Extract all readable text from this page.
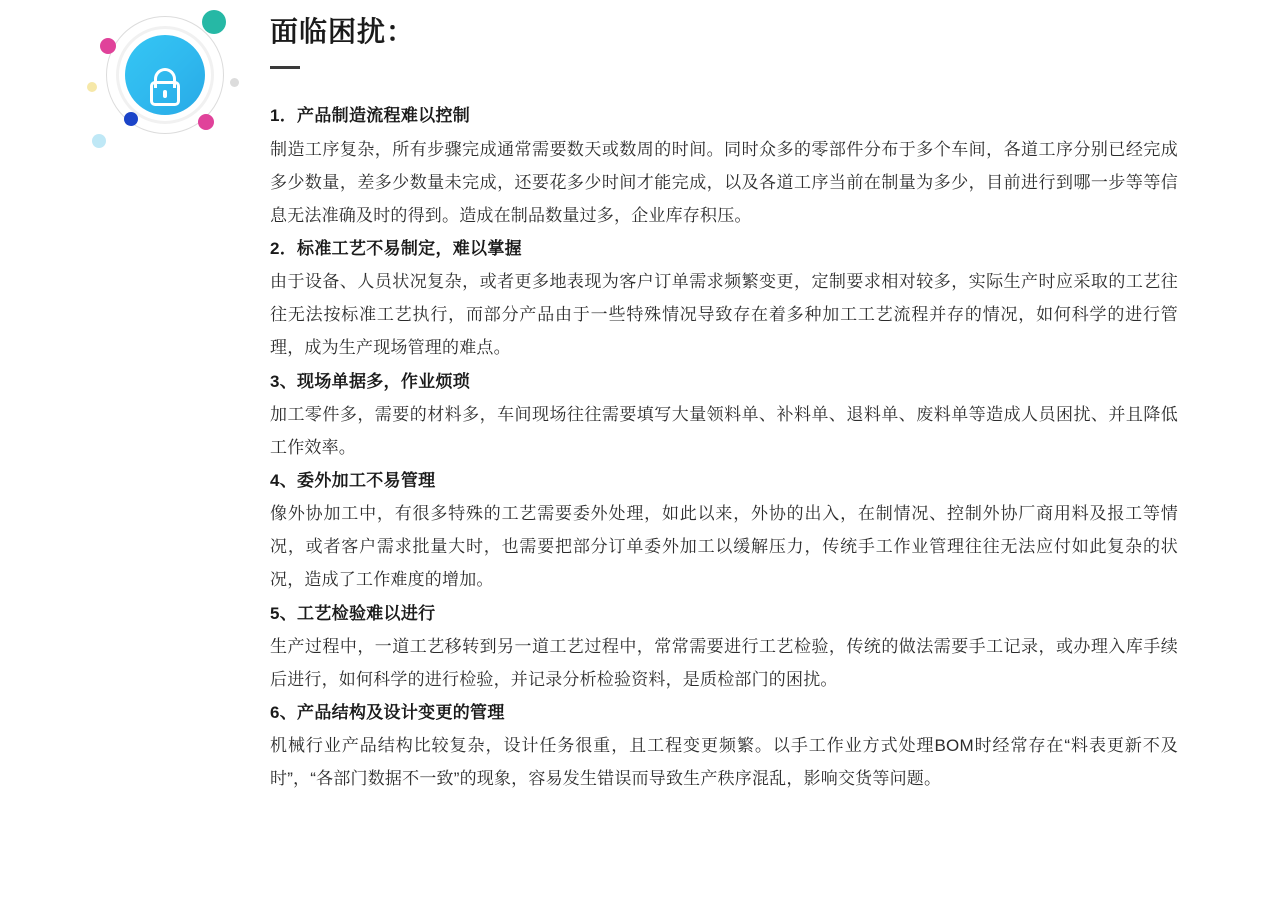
面临困扰：
1．产品制造流程难以控制
制造工序复杂，所有步骤完成通常需要数天或数周的时间。同时众多的零部件分布于多个车间，各道工序分别已经完成多少数量，差多少数量未完成，还要花多少时间才能完成，以及各道工序当前在制量为多少，目前进行到哪一步等等信息无法准确及时的得到。造成在制品数量过多，企业库存积压。
2．标准工艺不易制定，难以掌握
由于设备、人员状况复杂，或者更多地表现为客户订单需求频繁变更，定制要求相对较多，实际生产时应采取的工艺往往无法按标准工艺执行，而部分产品由于一些特殊情况导致存在着多种加工工艺流程并存的情况，如何科学的进行管理，成为生产现场管理的难点。
3、现场单据多，作业烦琐
加工零件多，需要的材料多，车间现场往往需要填写大量领料单、补料单、退料单、废料单等造成人员困扰、并且降低工作效率。
4、委外加工不易管理
像外协加工中，有很多特殊的工艺需要委外处理，如此以来，外协的出入，在制情况、控制外协厂商用料及报工等情况，或者客户需求批量大时，也需要把部分订单委外加工以缓解压力，传统手工作业管理往往无法应付如此复杂的状况，造成了工作难度的增加。
5、工艺检验难以进行
生产过程中，一道工艺移转到另一道工艺过程中，常常需要进行工艺检验，传统的做法需要手工记录，或办理入库手续后进行，如何科学的进行检验，并记录分析检验资料，是质检部门的困扰。
6、产品结构及设计变更的管理
机械行业产品结构比较复杂，设计任务很重，且工程变更频繁。以手工作业方式处理BOM时经常存在“料表更新不及时”，“各部门数据不一致”的现象，容易发生错误而导致生产秩序混乱，影响交货等问题。
